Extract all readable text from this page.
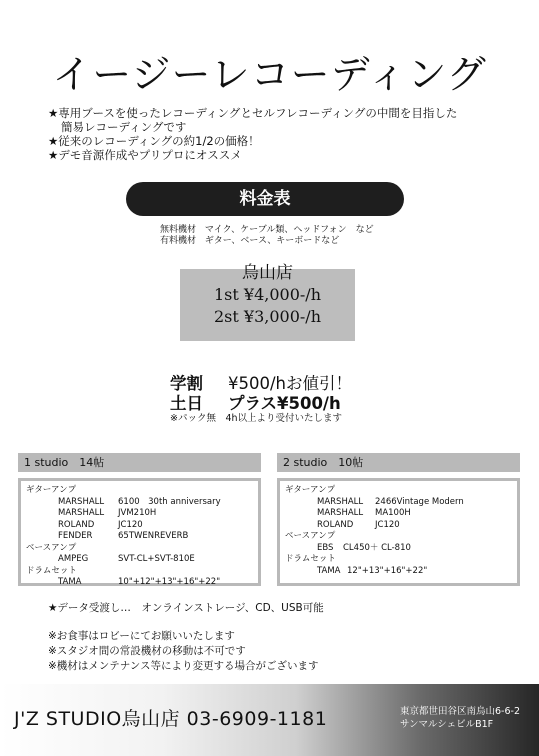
イージーレコーディング
★専用ブースを使ったレコーディングとセルフレコーディングの中間を目指した
簡易レコーディングです
★従来のレコーディングの約1/2の価格！
★デモ音源作成やプリプロにオススメ
料金表
無料機材 マイク、ケーブル類、ヘッドフォン　など
有料機材 ギター、ベース、キーボードなど
烏山店
1st ¥4,000-/h
2st ¥3,000-/h
学割 ¥500/hお値引！
土日 プラス¥500/h
※パック無　4h以上より受付いたします
1 studio　14帖
ギターアンプ
MARSHALL 6100　30th anniversary
MARSHALL JVM210H
ROLAND	JC120
FENDER	65TWENREVERB
ベースアンプ
AMPEG	SVT-CL+SVT-810E
ドラムセット
TAMA	10"+12"+13"+16"+22"
2 studio　10帖
ギターアンプ
MARSHALL 2466Vintage Modern
MARSHALL MA100H
ROLAND	JC120
ベースアンプ
EBS CL450＋ CL-810
ドラムセット
TAMA 12"+13"+16"+22"
★データ受渡し…　オンラインストレージ、CD、USB可能
※お食事はロビーにてお願いいたします
※スタジオ間の常設機材の移動は不可です
※機材はメンテナンス等により変更する場合がございます
J'Z STUDIO烏山店 03-6909-1181	東京都世田谷区南烏山6-6-2
サンマルシェビルB1F
